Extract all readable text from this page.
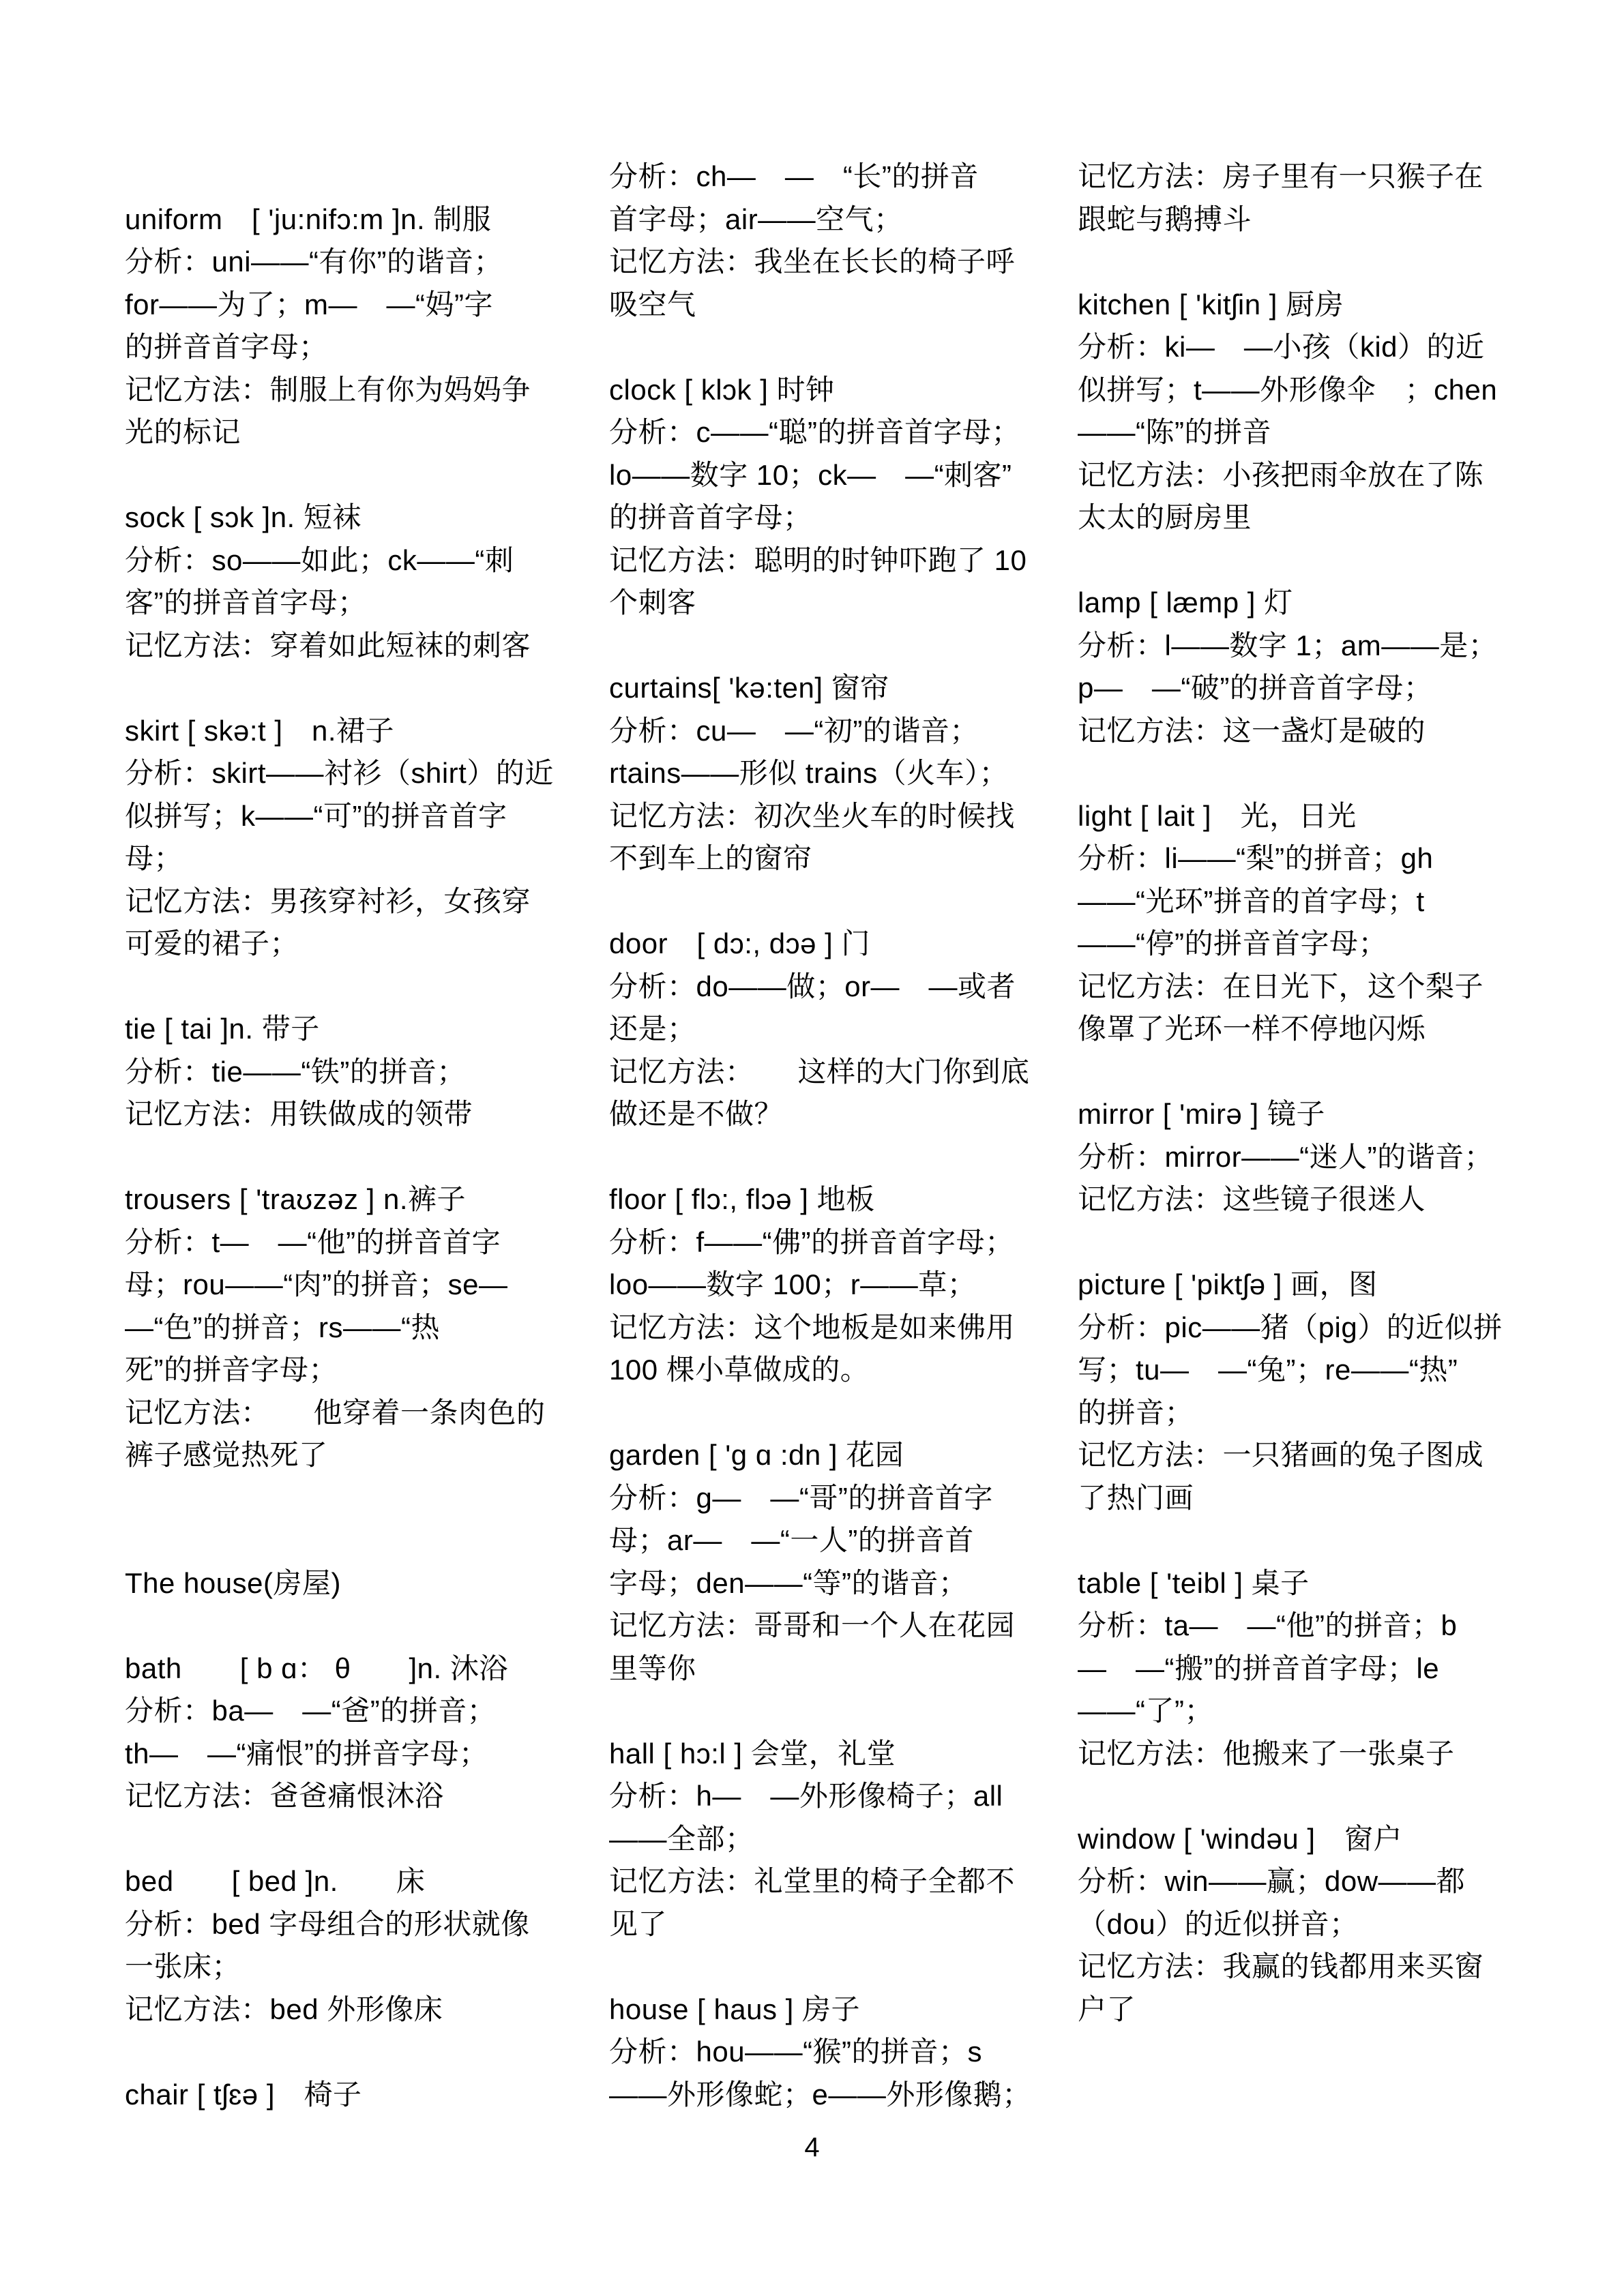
uniform　[ 'ju:nifɔ:m ]n. 制服
分析：uni——“有你”的谐音；
for——为了；m—　—“妈”字
的拼音首字母；
记忆方法：制服上有你为妈妈争
光的标记
sock [ sɔk ]n. 短袜
分析：so——如此；ck——“刺
客”的拼音首字母；
记忆方法：穿着如此短袜的刺客
skirt [ skə:t ]　n.裙子
分析：skirt——衬衫（shirt）的近
似拼写；k——“可”的拼音首字
母；
记忆方法：男孩穿衬衫，女孩穿
可爱的裙子；
tie [ tai ]n. 带子
分析：tie——“铁”的拼音；
记忆方法：用铁做成的领带
trousers [ 'traʊzəz ] n.裤子
分析：t—　—“他”的拼音首字
母；rou——“肉”的拼音；se—
—“色”的拼音；rs——“热
死”的拼音字母；
记忆方法：　　他穿着一条肉色的
裤子感觉热死了
The house(房屋)
bath　　[ b ɑ： θ　　]n. 沐浴
分析：ba—　—“爸”的拼音；
th—　—“痛恨”的拼音字母；
记忆方法：爸爸痛恨沐浴
bed　　[ bed ]n.　　床
分析：bed 字母组合的形状就像
一张床；
记忆方法：bed 外形像床
chair [ tʃɛə ]　椅子
分析：ch—　—　“长”的拼音
首字母；air——空气；
记忆方法：我坐在长长的椅子呼
吸空气
clock [ klɔk ] 时钟
分析：c——“聪”的拼音首字母；
lo——数字 10；ck—　—“刺客”
的拼音首字母；
记忆方法：聪明的时钟吓跑了 10
个刺客
curtains[ 'kə:ten] 窗帘
分析：cu—　—“初”的谐音；
rtains——形似 trains（火车）；
记忆方法：初次坐火车的时候找
不到车上的窗帘
door　[ dɔ:, dɔə ] 门
分析：do——做；or—　—或者
还是；
记忆方法：　　这样的大门你到底
做还是不做？
floor [ flɔ:, flɔə ] 地板
分析：f——“佛”的拼音首字母；
loo——数字 100；r——草；
记忆方法：这个地板是如来佛用
100 棵小草做成的。
garden [ 'g ɑ :dn ] 花园
分析：g—　—“哥”的拼音首字
母；ar—　—“一人”的拼音首
字母；den——“等”的谐音；
记忆方法：哥哥和一个人在花园
里等你
hall [ hɔ:l ] 会堂，礼堂
分析：h—　—外形像椅子；all
——全部；
记忆方法：礼堂里的椅子全都不
见了
house [ haus ] 房子
分析：hou——“猴”的拼音；s
——外形像蛇；e——外形像鹅；
记忆方法：房子里有一只猴子在
跟蛇与鹅搏斗
kitchen [ 'kitʃin ] 厨房
分析：ki—　—小孩（kid）的近
似拼写；t——外形像伞　；chen
——“陈”的拼音
记忆方法：小孩把雨伞放在了陈
太太的厨房里
lamp [ læmp ] 灯
分析：l——数字 1；am——是；
p—　—“破”的拼音首字母；
记忆方法：这一盏灯是破的
light [ lait ]　光，日光
分析：li——“梨”的拼音；gh
——“光环”拼音的首字母；t
——“停”的拼音首字母；
记忆方法：在日光下，这个梨子
像罩了光环一样不停地闪烁
mirror [ 'mirə ] 镜子
分析：mirror——“迷人”的谐音；
记忆方法：这些镜子很迷人
picture [ 'piktʃə ] 画，图
分析：pic——猪（pig）的近似拼
写；tu—　—“兔”；re——“热”
的拼音；
记忆方法：一只猪画的兔子图成
了热门画
table [ 'teibl ] 桌子
分析：ta—　—“他”的拼音；b
—　—“搬”的拼音首字母；le
——“了”；
记忆方法：他搬来了一张桌子
window [ 'windəu ]　窗户
分析：win——赢；dow——都
（dou）的近似拼音；
记忆方法：我赢的钱都用来买窗
户了
4
